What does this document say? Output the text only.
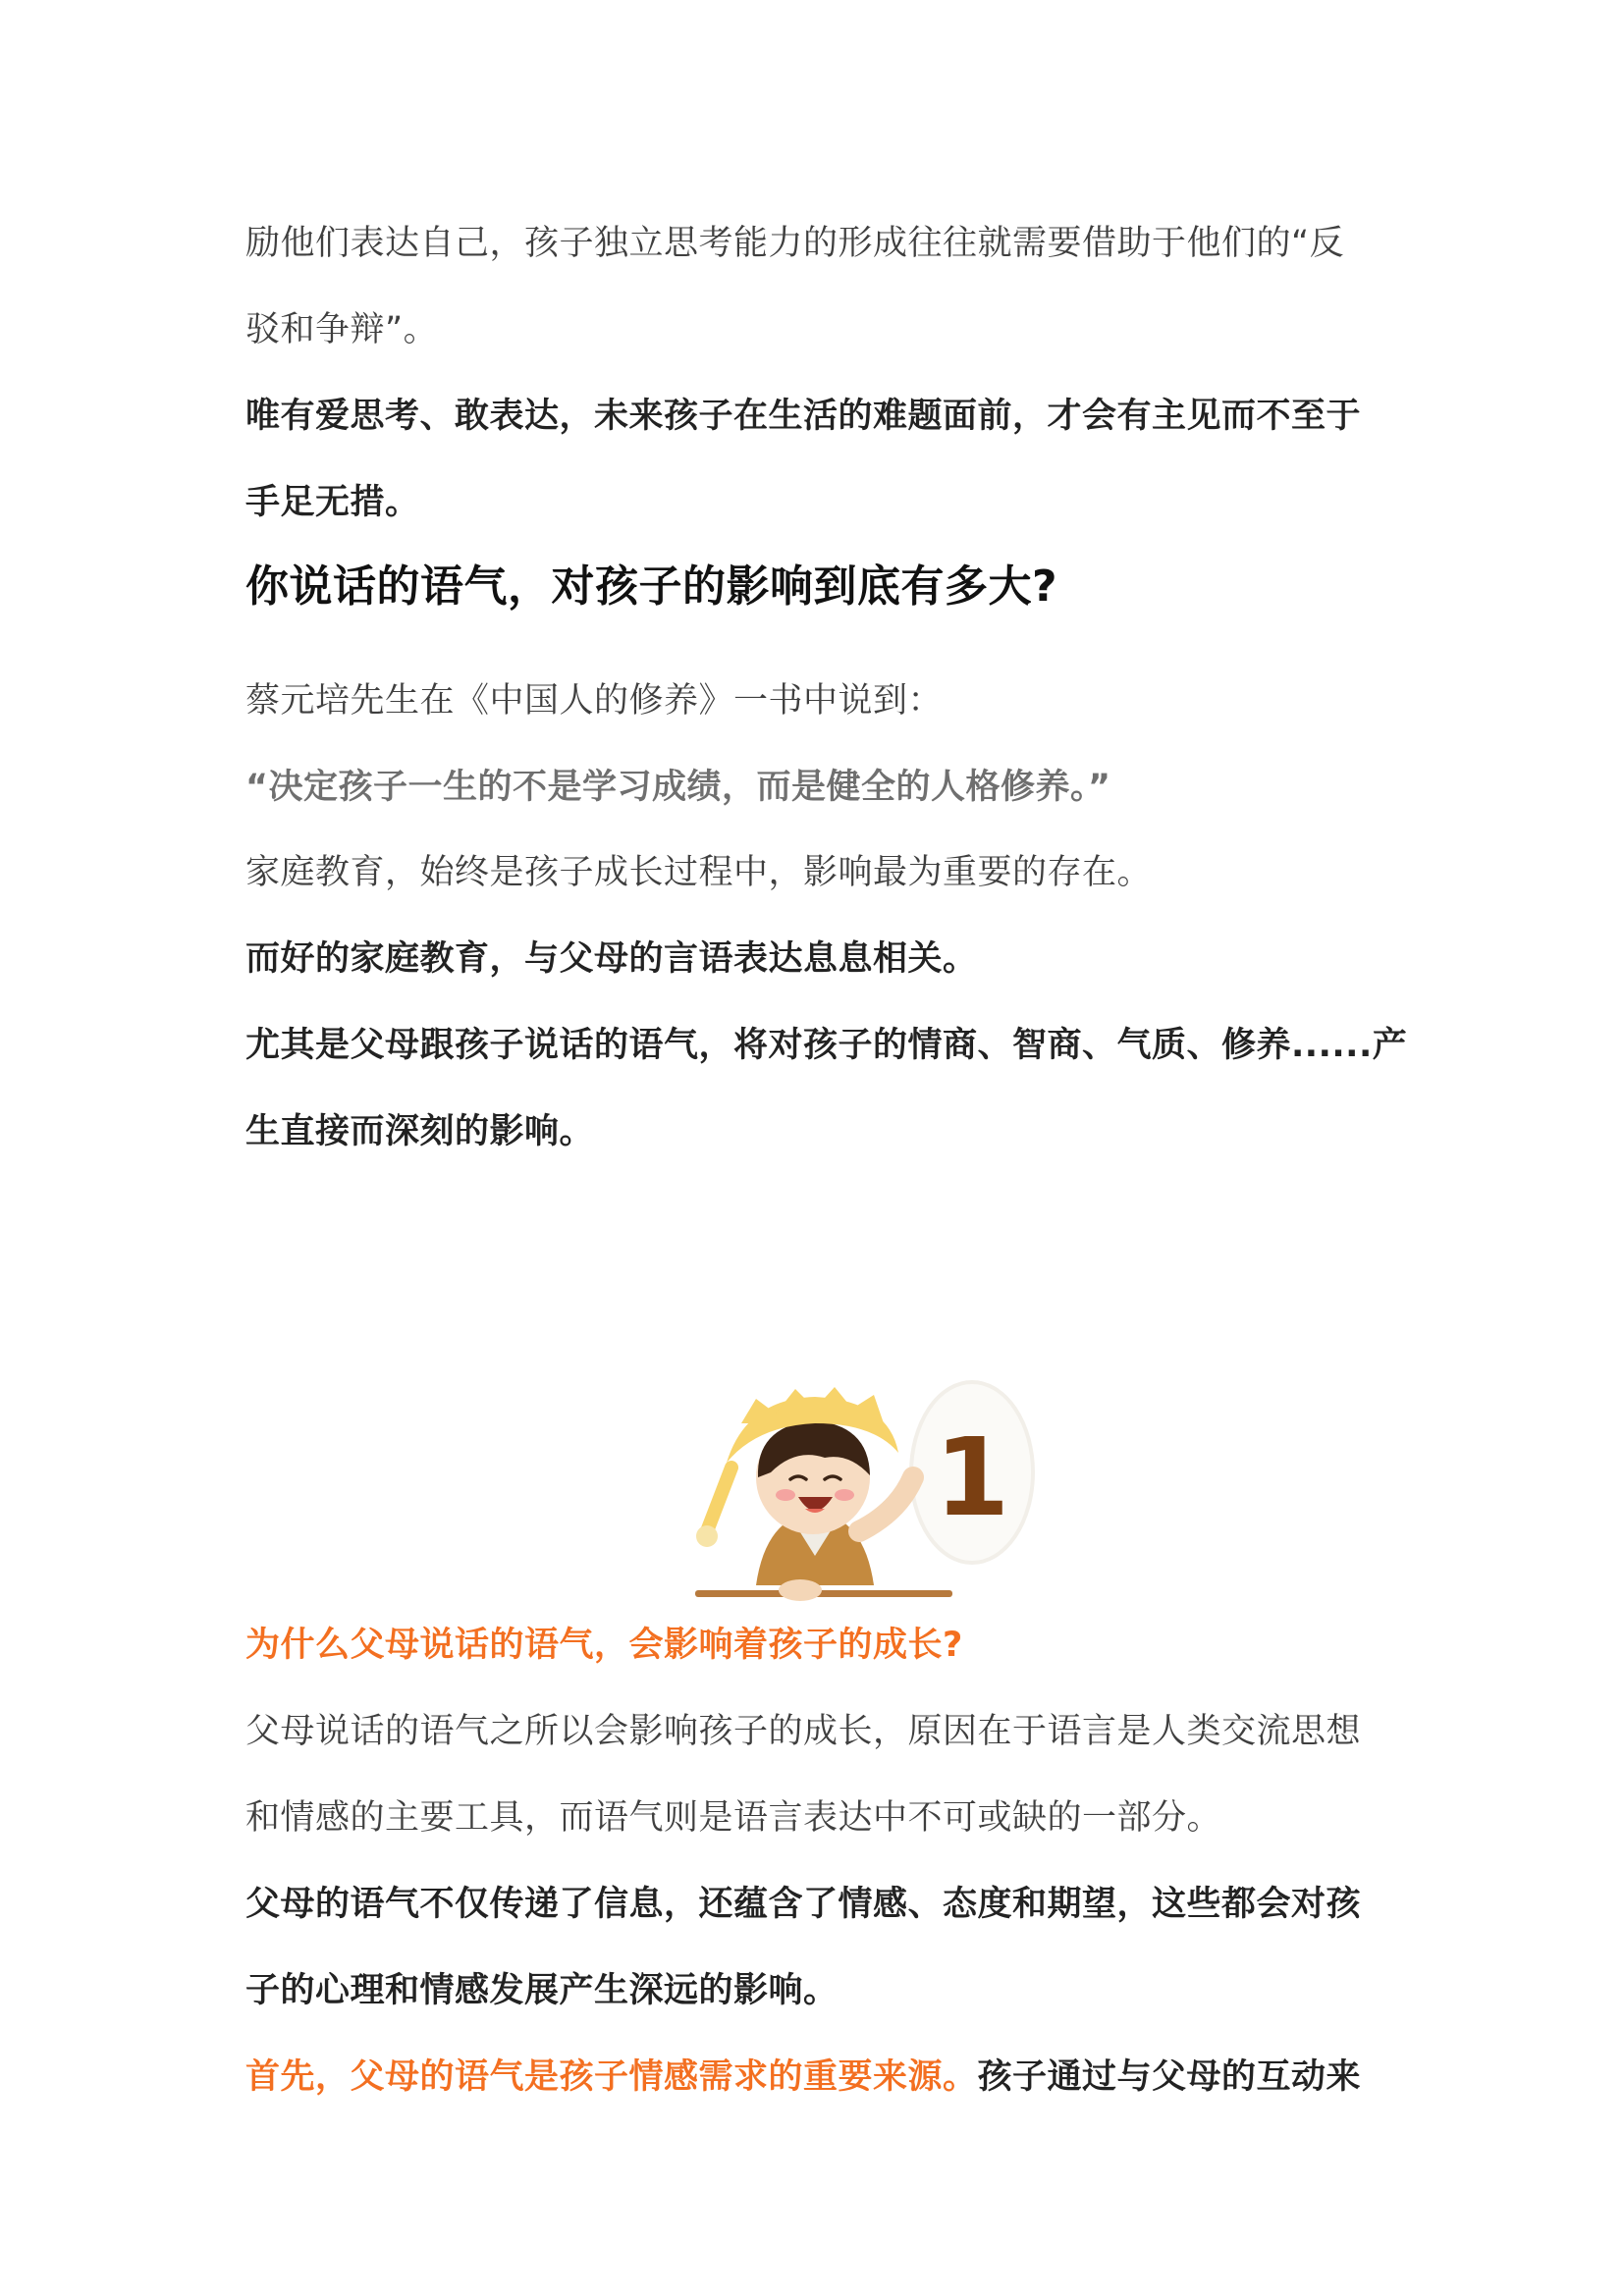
励他们表达自己，孩子独立思考能力的形成往往就需要借助于他们的“反

驳和争辩”。

唯有爱思考、敢表达，未来孩子在生活的难题面前，才会有主见而不至于

手足无措。

你说话的语气，对孩子的影响到底有多大?

蔡元培先生在《中国人的修养》一书中说到：

“决定孩子一生的不是学习成绩，而是健全的人格修养。”

家庭教育，始终是孩子成长过程中，影响最为重要的存在。

而好的家庭教育，与父母的言语表达息息相关。

尤其是父母跟孩子说话的语气，将对孩子的情商、智商、气质、修养......产

生直接而深刻的影响。

1

为什么父母说话的语气，会影响着孩子的成长?

父母说话的语气之所以会影响孩子的成长，原因在于语言是人类交流思想

和情感的主要工具，而语气则是语言表达中不可或缺的一部分。

父母的语气不仅传递了信息，还蕴含了情感、态度和期望，这些都会对孩

子的心理和情感发展产生深远的影响。

首先，父母的语气是孩子情感需求的重要来源。孩子通过与父母的互动来
